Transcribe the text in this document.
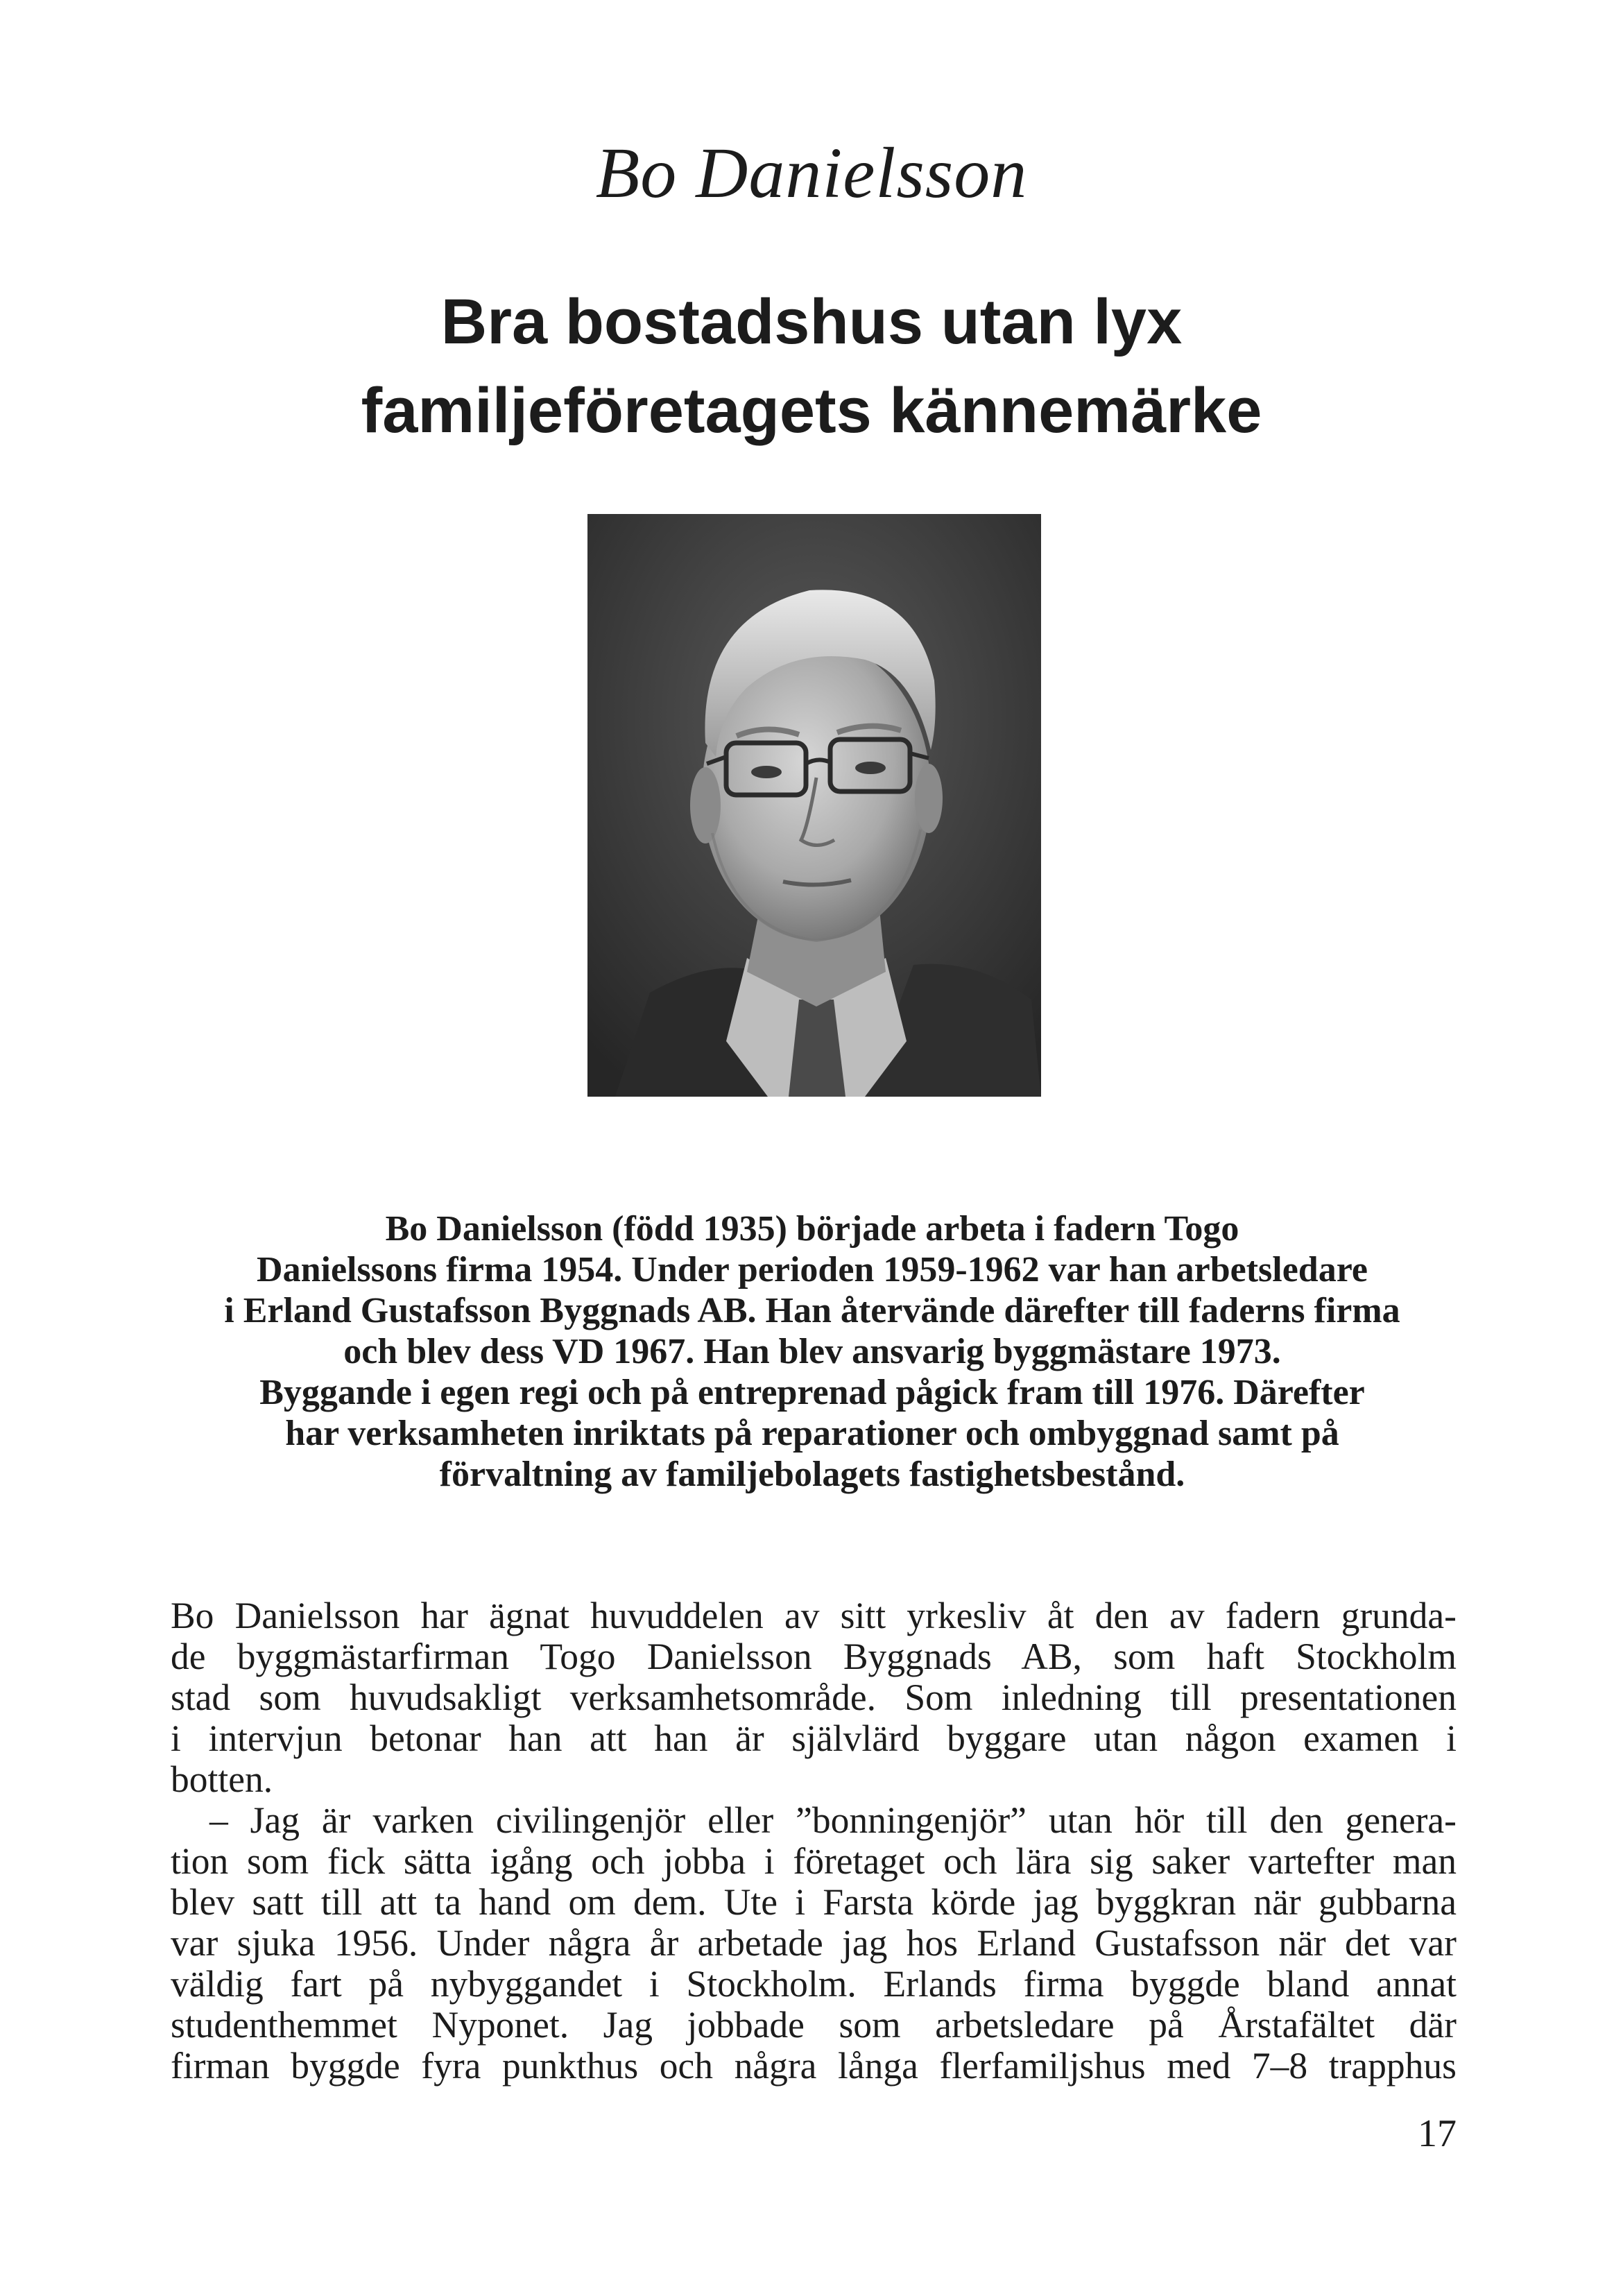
Bo Danielsson
Bra bostadshus utan lyx
familjeföretagets kännemärke
Bo Danielsson (född 1935) började arbeta i fadern Togo
Danielssons firma 1954. Under perioden 1959-1962 var han arbetsledare
i Erland Gustafsson Byggnads AB. Han återvände därefter till faderns firma
och blev dess VD 1967. Han blev ansvarig byggmästare 1973.
Byggande i egen regi och på entreprenad pågick fram till 1976. Därefter
har verksamheten inriktats på reparationer och ombyggnad samt på
förvaltning av familjebolagets fastighetsbestånd.
Bo Danielsson har ägnat huvuddelen av sitt yrkesliv åt den av fadern grunda-
de byggmästarfirman Togo Danielsson Byggnads AB, som haft Stockholm
stad som huvudsakligt verksamhetsområde. Som inledning till presentationen
i intervjun betonar han att han är självlärd byggare utan någon examen i
botten.
– Jag är varken civilingenjör eller ”bonningenjör” utan hör till den genera-
tion som fick sätta igång och jobba i företaget och lära sig saker vartefter man
blev satt till att ta hand om dem. Ute i Farsta körde jag byggkran när gubbarna
var sjuka 1956. Under några år arbetade jag hos Erland Gustafsson när det var
väldig fart på nybyggandet i Stockholm. Erlands firma byggde bland annat
studenthemmet Nyponet. Jag jobbade som arbetsledare på Årstafältet där
firman byggde fyra punkthus och några långa flerfamiljshus med 7–8 trapphus
17
